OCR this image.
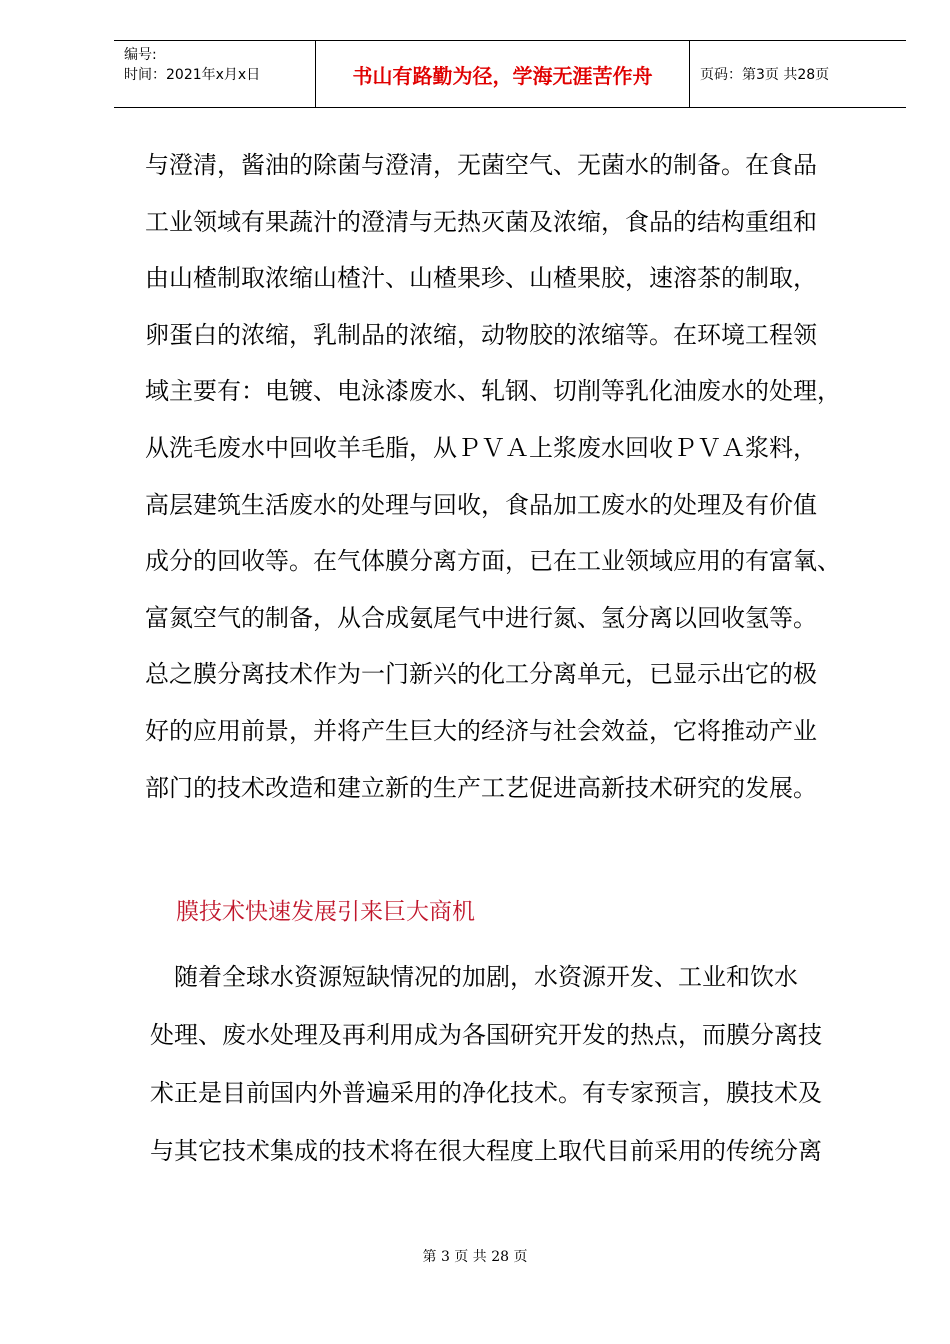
编号:
时间：2021年x月x日	书山有路勤为径，学海无涯苦作舟	页码：第3页 共28页

与澄清，酱油的除菌与澄清，无菌空气、无菌水的制备。在食品

工业领域有果蔬汁的澄清与无热灭菌及浓缩，食品的结构重组和

由山楂制取浓缩山楂汁、山楂果珍、山楂果胶，速溶茶的制取，

卵蛋白的浓缩，乳制品的浓缩，动物胶的浓缩等。在环境工程领

域主要有：电镀、电泳漆废水、轧钢、切削等乳化油废水的处理，

从洗毛废水中回收羊毛脂，从ＰＶＡ上浆废水回收ＰＶＡ浆料，

高层建筑生活废水的处理与回收，食品加工废水的处理及有价值

成分的回收等。在气体膜分离方面，已在工业领域应用的有富氧、

富氮空气的制备，从合成氨尾气中进行氮、氢分离以回收氢等。

总之膜分离技术作为一门新兴的化工分离单元，已显示出它的极

好的应用前景，并将产生巨大的经济与社会效益，它将推动产业

部门的技术改造和建立新的生产工艺促进高新技术研究的发展。

膜技术快速发展引来巨大商机

　随着全球水资源短缺情况的加剧，水资源开发、工业和饮水

处理、废水处理及再利用成为各国研究开发的热点，而膜分离技

术正是目前国内外普遍采用的净化技术。有专家预言，膜技术及

与其它技术集成的技术将在很大程度上取代目前采用的传统分离

第 3 页 共 28 页
